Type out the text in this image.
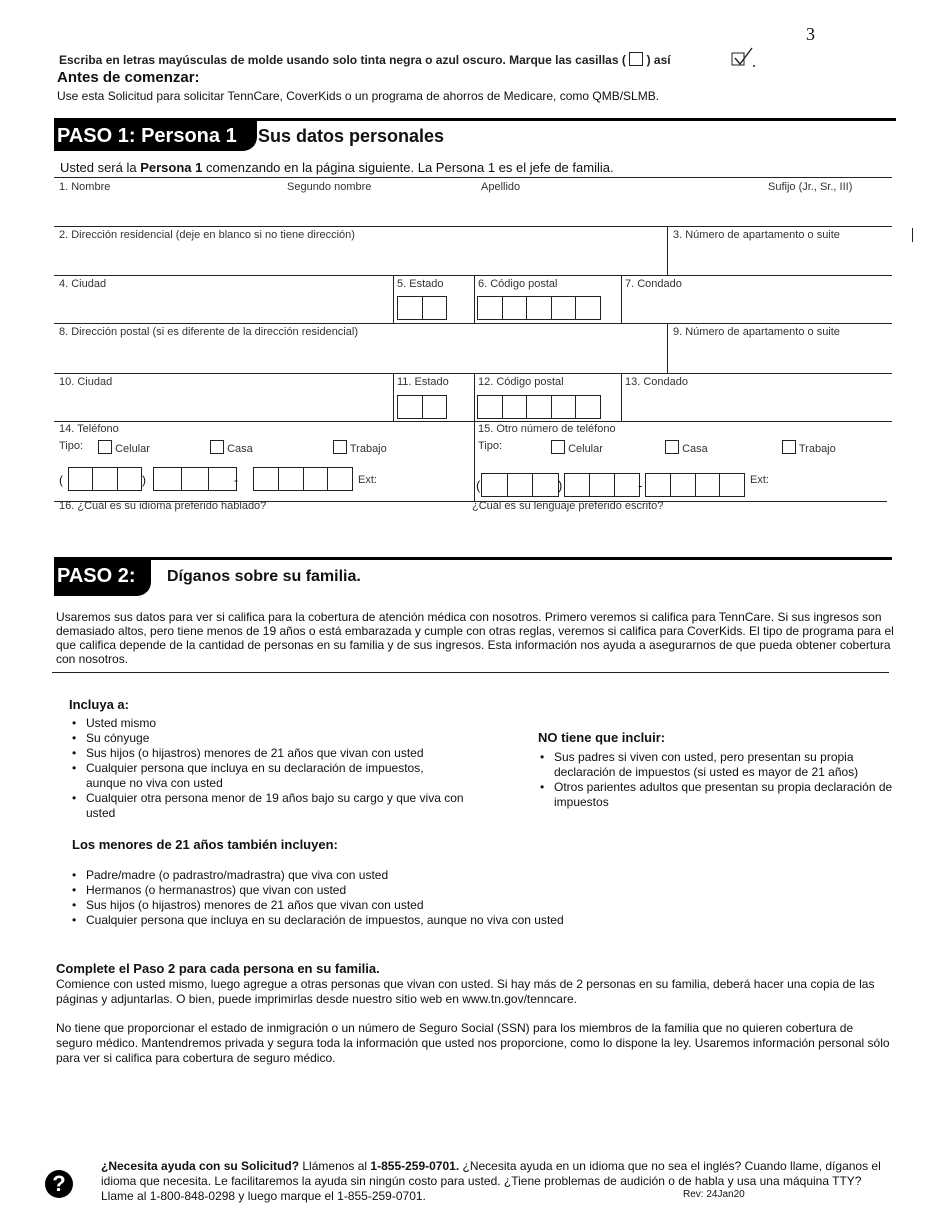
3
Escriba en letras mayúsculas de molde usando solo tinta negra o azul oscuro. Marque las casillas ( ) así
Antes de comenzar:
Use esta Solicitud para solicitar TennCare, CoverKids o un programa de ahorros de Medicare, como QMB/SLMB.
PASO 1: Persona 1	Sus datos personales
Usted será la Persona 1 comenzando en la página siguiente. La Persona 1 es el jefe de familia.
1. Nombre	Segundo nombre	Apellido	Sufijo (Jr., Sr., III)
2. Dirección residencial (deje en blanco si no tiene dirección)	3. Número de apartamento o suite
4. Ciudad	5. Estado	6. Código postal	7. Condado
8. Dirección postal (si es diferente de la dirección residencial)	9. Número de apartamento o suite
10. Ciudad	11. Estado	12. Código postal	13. Condado
14. Teléfono	15. Otro número de teléfono
Tipo:	Celular	Casa	Trabajo	Tipo:	Celular	Casa	Trabajo
(	)	-	Ext:	(	)	-	Ext:
16. ¿Cuál es su idioma preferido hablado?	¿Cuál es su lenguaje preferido escrito?
PASO 2:	Díganos sobre su familia.
Usaremos sus datos para ver si califica para la cobertura de atención médica con nosotros. Primero veremos si califica para TennCare. Si sus ingresos son demasiado altos, pero tiene menos de 19 años o está embarazada y cumple con otras reglas, veremos si califica para CoverKids. El tipo de programa para el que califica depende de la cantidad de personas en su familia y de sus ingresos. Esta información nos ayuda a asegurarnos de que pueda obtener cobertura con nosotros.
Incluya a:
• Usted mismo
• Su cónyuge
• Sus hijos (o hijastros) menores de 21 años que vivan con usted
• Cualquier persona que incluya en su declaración de impuestos, aunque no viva con usted
• Cualquier otra persona menor de 19 años bajo su cargo y que viva con usted
NO tiene que incluir:
• Sus padres si viven con usted, pero presentan su propia declaración de impuestos (si usted es mayor de 21 años)
• Otros parientes adultos que presentan su propia declaración de impuestos
Los menores de 21 años también incluyen:
• Padre/madre (o padrastro/madrastra) que viva con usted
• Hermanos (o hermanastros) que vivan con usted
• Sus hijos (o hijastros) menores de 21 años que vivan con usted
• Cualquier persona que incluya en su declaración de impuestos, aunque no viva con usted
Complete el Paso 2 para cada persona en su familia.
Comience con usted mismo, luego agregue a otras personas que vivan con usted. Si hay más de 2 personas en su familia, deberá hacer una copia de las páginas y adjuntarlas. O bien, puede imprimirlas desde nuestro sitio web en www.tn.gov/tenncare.
No tiene que proporcionar el estado de inmigración o un número de Seguro Social (SSN) para los miembros de la familia que no quieren cobertura de seguro médico. Mantendremos privada y segura toda la información que usted nos proporcione, como lo dispone la ley. Usaremos información personal sólo para ver si califica para cobertura de seguro médico.
?
¿Necesita ayuda con su Solicitud? Llámenos al 1-855-259-0701. ¿Necesita ayuda en un idioma que no sea el inglés? Cuando llame, díganos el idioma que necesita. Le facilitaremos la ayuda sin ningún costo para usted. ¿Tiene problemas de audición o de habla y usa una máquina TTY? Llame al 1-800-848-0298 y luego marque el 1-855-259-0701.	Rev: 24Jan20
